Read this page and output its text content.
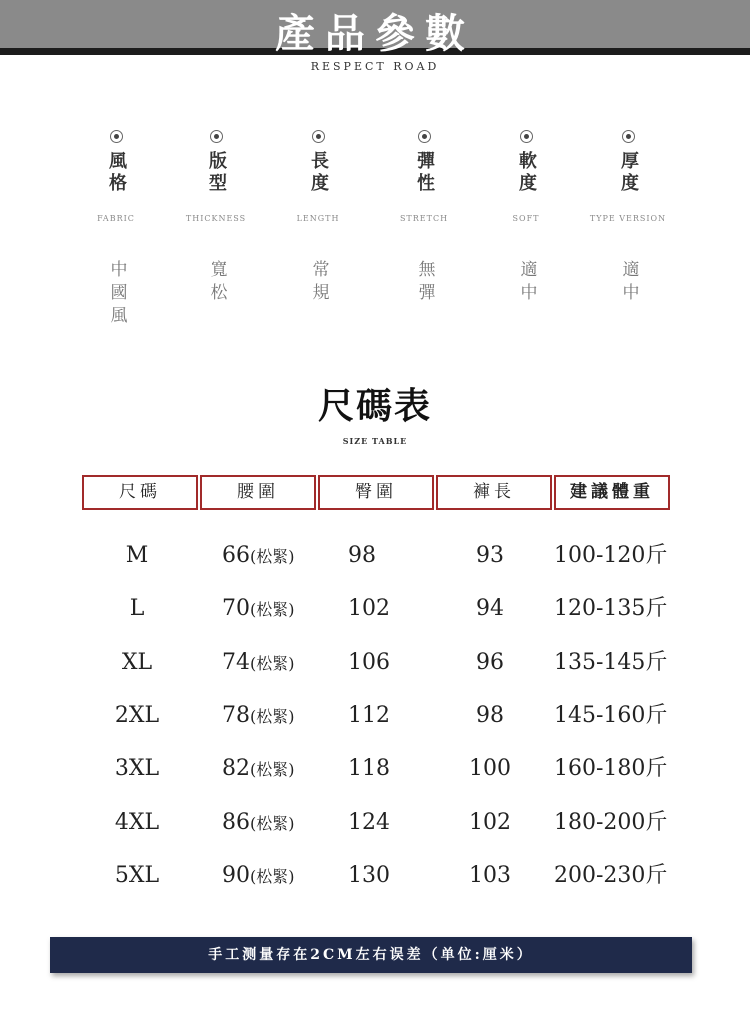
產品參數
RESPECT ROAD
風格	版型	長度	彈性	軟度	厚度
FABRIC	THICKNESS	LENGTH	STRETCH	SOFT	TYPE VERSION
中國風	寬松	常規	無彈	適中	適中
尺碼表
SIZE TABLE
尺碼	腰圍	臀圍	褲長	建議體重
M	66(松緊)	98	93	100-120斤
L	70(松緊)	102	94	120-135斤
XL	74(松緊)	106	96	135-145斤
2XL	78(松緊)	112	98	145-160斤
3XL	82(松緊)	118	100	160-180斤
4XL	86(松緊)	124	102	180-200斤
5XL	90(松緊)	130	103	200-230斤
手工测量存在2CM左右误差（单位:厘米）
